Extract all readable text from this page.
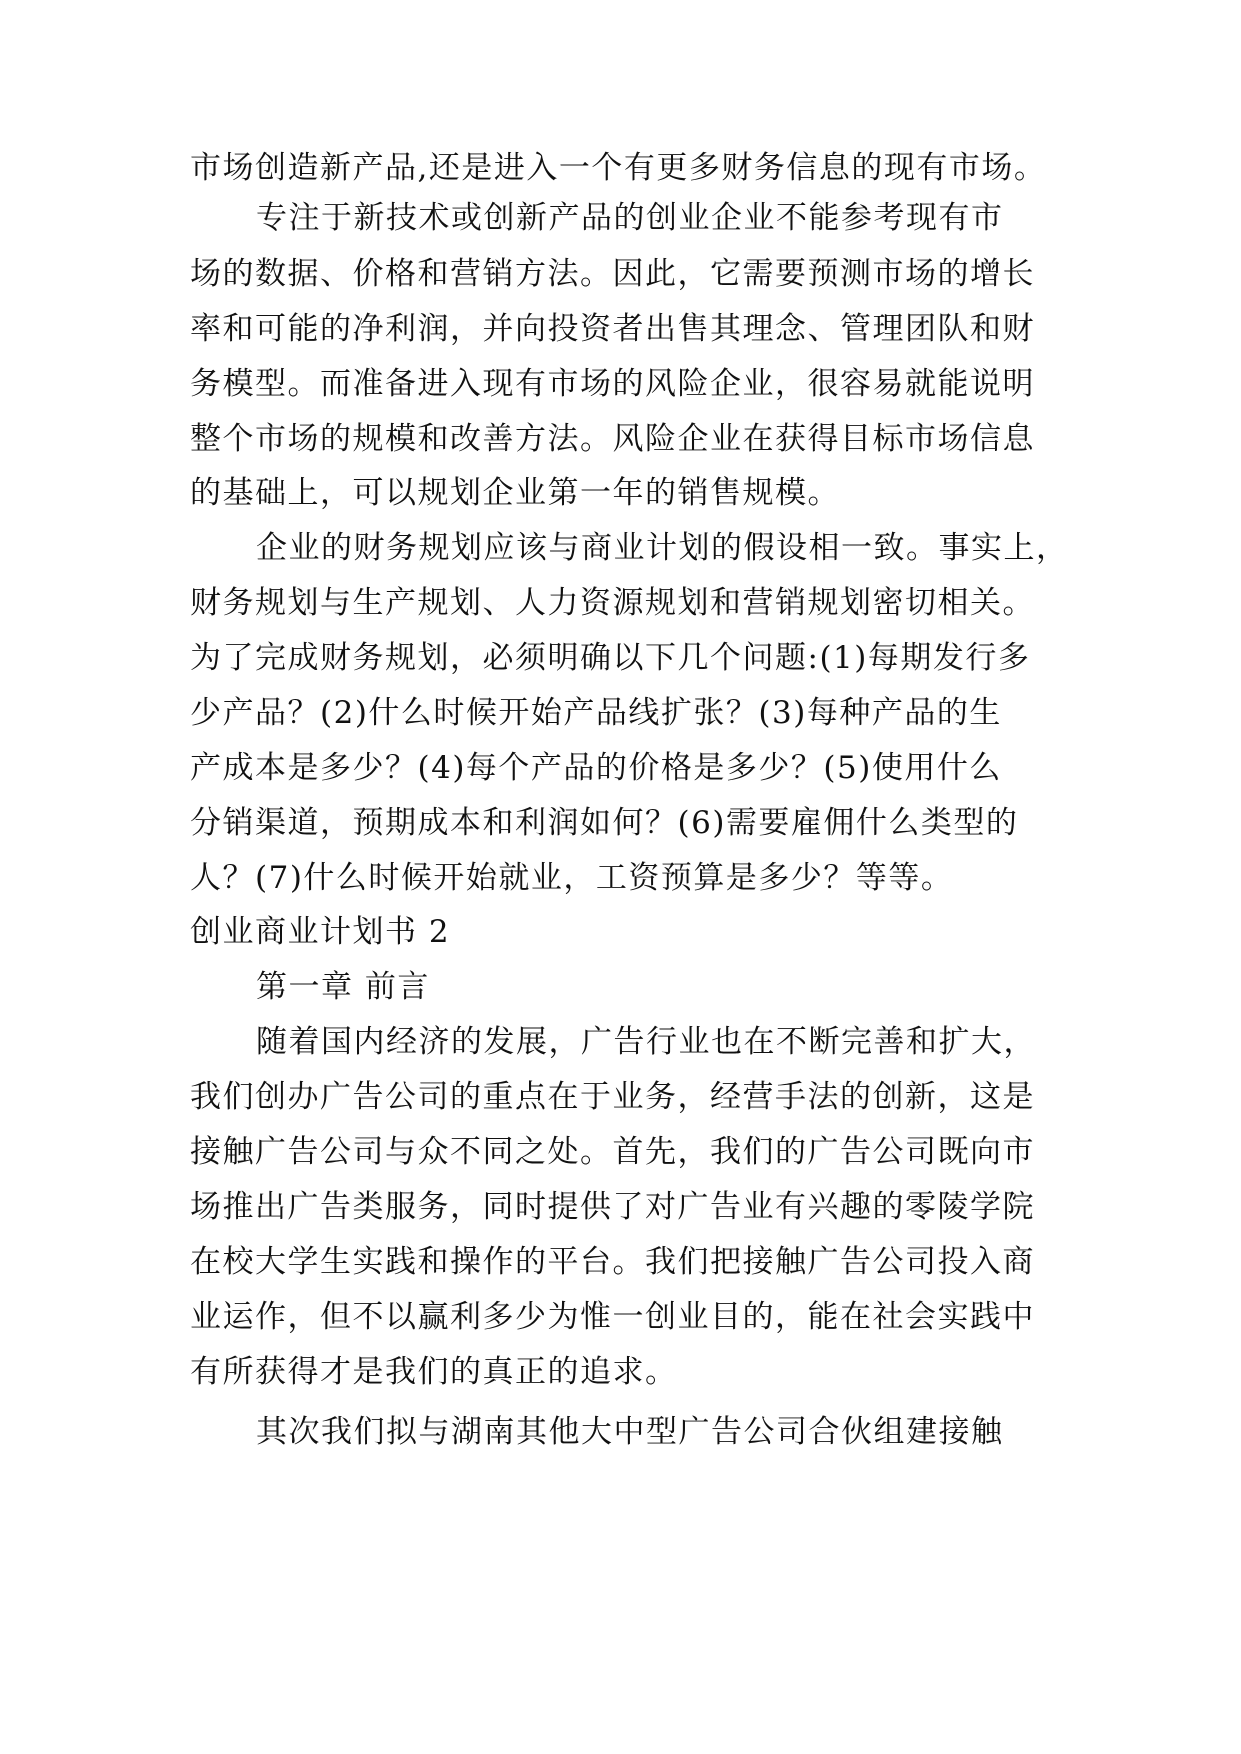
市场创造新产品,还是进入一个有更多财务信息的现有市场。
专注于新技术或创新产品的创业企业不能参考现有市
场的数据、价格和营销方法。因此，它需要预测市场的增长
率和可能的净利润，并向投资者出售其理念、管理团队和财
务模型。而准备进入现有市场的风险企业，很容易就能说明
整个市场的规模和改善方法。风险企业在获得目标市场信息
的基础上，可以规划企业第一年的销售规模。
企业的财务规划应该与商业计划的假设相一致。事实上，
财务规划与生产规划、人力资源规划和营销规划密切相关。
为了完成财务规划，必须明确以下几个问题:(1)每期发行多
少产品？(2)什么时候开始产品线扩张？(3)每种产品的生
产成本是多少？(4)每个产品的价格是多少？(5)使用什么
分销渠道，预期成本和利润如何？(6)需要雇佣什么类型的
人？(7)什么时候开始就业，工资预算是多少？等等。
创业商业计划书 2
第一章 前言
随着国内经济的发展，广告行业也在不断完善和扩大，
我们创办广告公司的重点在于业务，经营手法的创新，这是
接触广告公司与众不同之处。首先，我们的广告公司既向市
场推出广告类服务，同时提供了对广告业有兴趣的零陵学院
在校大学生实践和操作的平台。我们把接触广告公司投入商
业运作，但不以赢利多少为惟一创业目的，能在社会实践中
有所获得才是我们的真正的追求。
其次我们拟与湖南其他大中型广告公司合伙组建接触
